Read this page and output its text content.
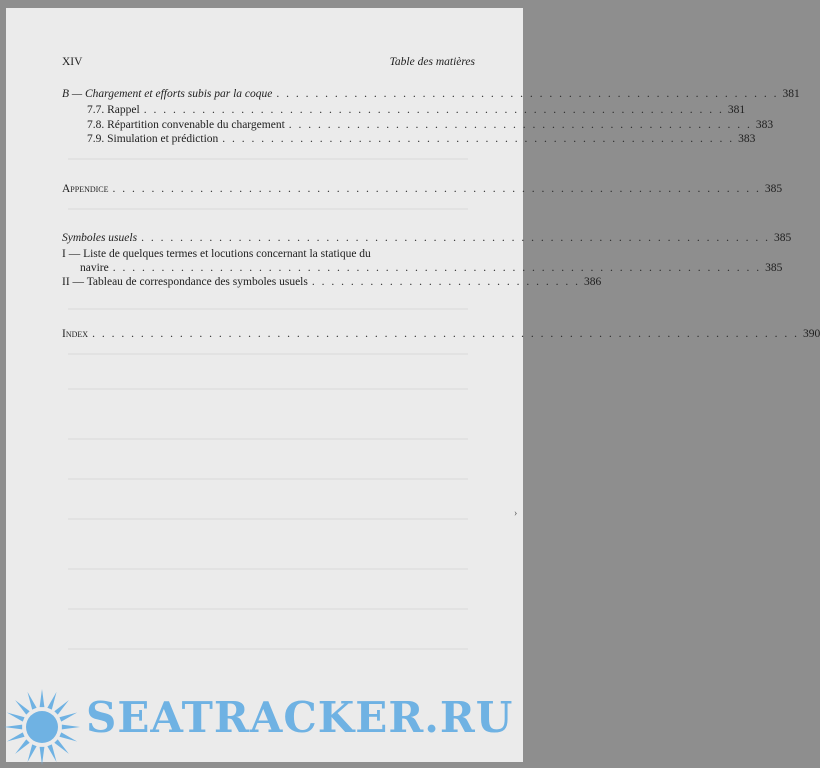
XIV	Table des matières
B — Chargement et efforts subis par la coque . . . . . . . . . . . . . . . . . . . . . . . . . . . . . . . . . . . . . . . . . . . . . . . . . . . . 381
7.7. Rappel . . . . . . . . . . . . . . . . . . . . . . . . . . . . . . . . . . . . . . . . . . . . . . . . . . . . . . . . . . . . 381
7.8. Répartition convenable du chargement . . . . . . . . . . . . . . . . . . . . . . . . . . . . . . . . . . . . . . . . . . . . . . . . 383
7.9. Simulation et prédiction . . . . . . . . . . . . . . . . . . . . . . . . . . . . . . . . . . . . . . . . . . . . . . . . . . . . . 383
Appendice . . . . . . . . . . . . . . . . . . . . . . . . . . . . . . . . . . . . . . . . . . . . . . . . . . . . . . . . . . . . . . . . . . . 385
Symboles usuels . . . . . . . . . . . . . . . . . . . . . . . . . . . . . . . . . . . . . . . . . . . . . . . . . . . . . . . . . . . . . . . . . 385
I — Liste de quelques termes et locutions concernant la statique du
navire . . . . . . . . . . . . . . . . . . . . . . . . . . . . . . . . . . . . . . . . . . . . . . . . . . . . . . . . . . . . . . . . . . . 385
II — Tableau de correspondance des symboles usuels . . . . . . . . . . . . . . . . . . . . . . . . . . . . 386
Index . . . . . . . . . . . . . . . . . . . . . . . . . . . . . . . . . . . . . . . . . . . . . . . . . . . . . . . . . . . . . . . . . . . . . . . . . 390
›
SEATRACKER.RU
